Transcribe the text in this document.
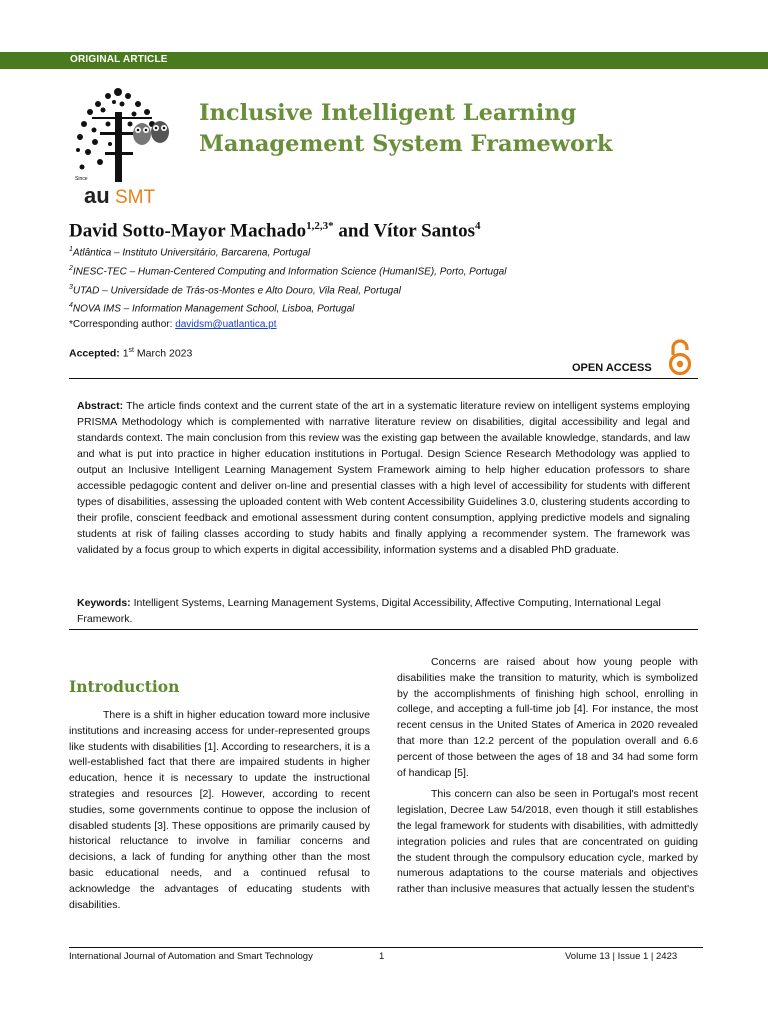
ORIGINAL ARTICLE
Since
au SMT
Inclusive Intelligent Learning Management System Framework
David Sotto-Mayor Machado$^{1,2,3*}$ and Vítor Santos$^4$
$^1$Atlântica – Instituto Universitário, Barcarena, Portugal
$^2$INESC-TEC – Human-Centered Computing and Information Science (HumanISE), Porto, Portugal
$^3$UTAD – Universidade de Trás-os-Montes e Alto Douro, Vila Real, Portugal
$^4$NOVA IMS – Information Management School, Lisboa, Portugal
*Corresponding author: davidsm@uatlantica.pt
Accepted: 1st March 2023
OPEN ACCESS
Abstract: The article finds context and the current state of the art in a systematic literature review on intelligent systems employing PRISMA Methodology which is complemented with narrative literature review on disabilities, digital accessibility and legal and standards context. The main conclusion from this review was the existing gap between the available knowledge, standards, and law and what is put into practice in higher education institutions in Portugal. Design Science Research Methodology was applied to output an Inclusive Intelligent Learning Management System Framework aiming to help higher education professors to share accessible pedagogic content and deliver on-line and presential classes with a high level of accessibility for students with different types of disabilities, assessing the uploaded content with Web content Accessibility Guidelines 3.0, clustering students according to their profile, conscient feedback and emotional assessment during content consumption, applying predictive models and signaling students at risk of failing classes according to study habits and finally applying a recommender system. The framework was validated by a focus group to which experts in digital accessibility, information systems and a disabled PhD graduate.
Keywords: Intelligent Systems, Learning Management Systems, Digital Accessibility, Affective Computing, International Legal Framework.
Introduction

There is a shift in higher education toward more inclusive institutions and increasing access for under-represented groups like students with disabilities [1]. According to researchers, it is a well-established fact that there are impaired students in higher education, hence it is necessary to update the instructional strategies and resources [2]. However, according to recent studies, some governments continue to oppose the inclusion of disabled students [3]. These oppositions are primarily caused by historical reluctance to involve in familiar concerns and decisions, a lack of funding for anything other than the most basic educational needs, and a continued refusal to acknowledge the advantages of educating students with disabilities.

Concerns are raised about how young people with disabilities make the transition to maturity, which is symbolized by the accomplishments of finishing high school, enrolling in college, and accepting a full-time job [4]. For instance, the most recent census in the United States of America in 2020 revealed that more than 12.2 percent of the population overall and 6.6 percent of those between the ages of 18 and 34 had some form of handicap [5].

This concern can also be seen in Portugal's most recent legislation, Decree Law 54/2018, even though it still establishes the legal framework for students with disabilities, with admittedly integration policies and rules that are concentrated on guiding the student through the compulsory education cycle, marked by numerous adaptations to the course materials and objectives rather than inclusive measures that actually lessen the student's

International Journal of Automation and Smart Technology	1	Volume 13 | Issue 1 | 2423
